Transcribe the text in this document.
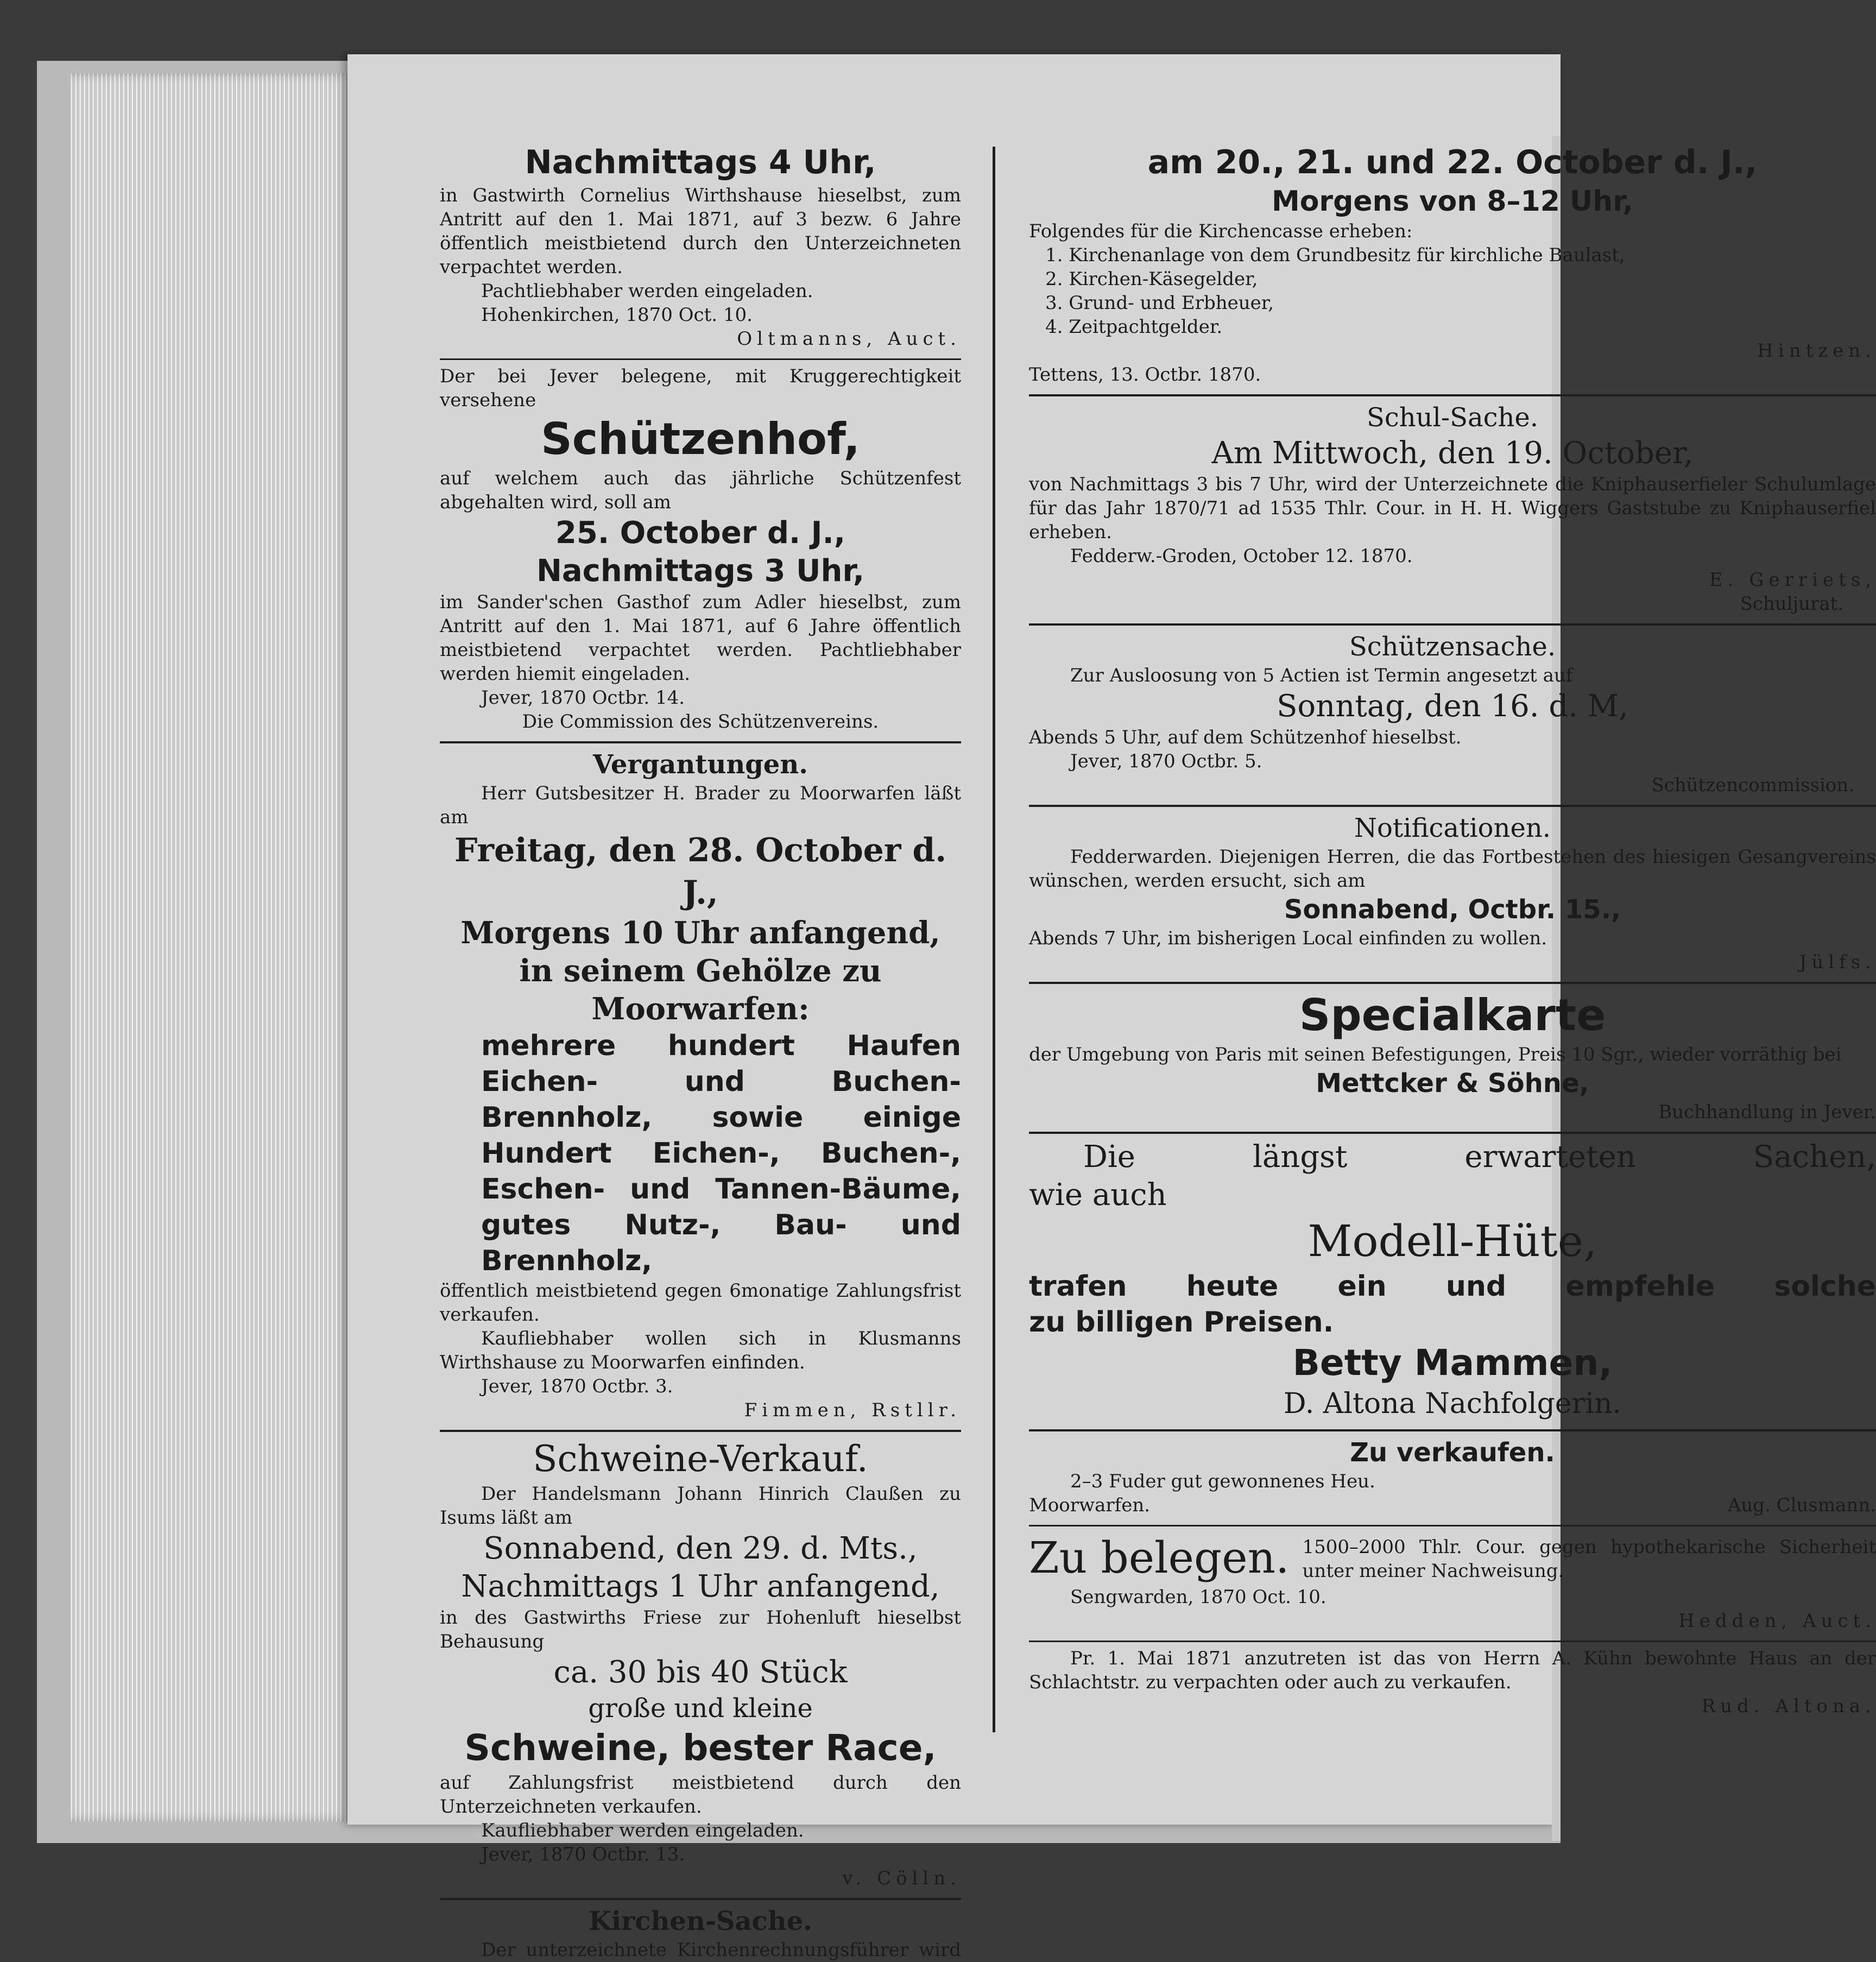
Nachmittags 4 Uhr,
in Gastwirth Cornelius Wirthshause hieselbst, zum Antritt auf den 1. Mai 1871, auf 3 bezw. 6 Jahre öffentlich meistbietend durch den Unterzeichneten verpachtet werden.
Pachtliebhaber werden eingeladen.
Hohenkirchen, 1870 Oct. 10.
Oltmanns, Auct.
Der bei Jever belegene, mit Kruggerechtigkeit versehene
Schützenhof,
auf welchem auch das jährliche Schützenfest abgehalten wird, soll am
25. October d. J.,
Nachmittags 3 Uhr,
im Sander'schen Gasthof zum Adler hieselbst, zum Antritt auf den 1. Mai 1871, auf 6 Jahre öffentlich meistbietend verpachtet werden. Pachtliebhaber werden hiemit eingeladen.
Jever, 1870 Octbr. 14.
Die Commission des Schützenvereins.
Vergantungen.
Herr Gutsbesitzer H. Brader zu Moorwarfen läßt am
Freitag, den 28. October d. J.,
Morgens 10 Uhr anfangend,
in seinem Gehölze zu Moorwarfen:
mehrere hundert Haufen Eichen- und Buchen-Brennholz, sowie einige Hundert Eichen-, Buchen-, Eschen- und Tannen-Bäume, gutes Nutz-, Bau- und Brennholz,
öffentlich meistbietend gegen 6monatige Zahlungsfrist verkaufen.
Kaufliebhaber wollen sich in Klusmanns Wirthshause zu Moorwarfen einfinden.
Jever, 1870 Octbr. 3.
Fimmen, Rstllr.
Schweine-Verkauf.
Der Handelsmann Johann Hinrich Claußen zu Isums läßt am
Sonnabend, den 29. d. Mts.,
Nachmittags 1 Uhr anfangend,
in des Gastwirths Friese zur Hohenluft hieselbst Behausung
ca. 30 bis 40 Stück
große und kleine
Schweine, bester Race,
auf Zahlungsfrist meistbietend durch den Unterzeichneten verkaufen.
Kaufliebhaber werden eingeladen.
Jever, 1870 Octbr. 13.
v. Cölln.
Kirchen-Sache.
Der unterzeichnete Kirchenrechnungsführer wird
am 20., 21. und 22. October d. J.,
Morgens von 8–12 Uhr,
Folgendes für die Kirchencasse erheben:
1. Kirchenanlage von dem Grundbesitz für kirchliche Baulast,
2. Kirchen-Käsegelder,
3. Grund- und Erbheuer,
4. Zeitpachtgelder.
Hintzen.
Tettens, 13. Octbr. 1870.
Schul-Sache.
Am Mittwoch, den 19. October,
von Nachmittags 3 bis 7 Uhr, wird der Unterzeichnete die Kniphauserfieler Schulumlage für das Jahr 1870/71 ad 1535 Thlr. Cour. in H. H. Wiggers Gaststube zu Kniphauserfiel erheben.
Fedderw.-Groden, October 12. 1870.
E. Gerriets,
Schuljurat.
Schützensache.
Zur Ausloosung von 5 Actien ist Termin angesetzt auf
Sonntag, den 16. d. M,
Abends 5 Uhr, auf dem Schützenhof hieselbst.
Jever, 1870 Octbr. 5.
Schützencommission.
Notificationen.
Fedderwarden. Diejenigen Herren, die das Fortbestehen des hiesigen Gesangvereins wünschen, werden ersucht, sich am
Sonnabend, Octbr. 15.,
Abends 7 Uhr, im bisherigen Local einfinden zu wollen.
Jülfs.
Specialkarte
der Umgebung von Paris mit seinen Befestigungen, Preis 10 Sgr., wieder vorräthig bei
Mettcker & Söhne,
Buchhandlung in Jever.
Die längst erwarteten Sachen,
wie auch
Modell-Hüte,
trafen heute ein und empfehle solche
zu billigen Preisen.
Betty Mammen,
D. Altona Nachfolgerin.
Zu verkaufen.
2–3 Fuder gut gewonnenes Heu.
Moorwarfen.	Aug. Clusmann.
Zu belegen. 1500–2000 Thlr. Cour. gegen hypothekarische Sicherheit unter meiner Nachweisung.
Sengwarden, 1870 Oct. 10.
Hedden, Auct.
Pr. 1. Mai 1871 anzutreten ist das von Herrn A. Kühn bewohnte Haus an der Schlachtstr. zu verpachten oder auch zu verkaufen.
Rud. Altona.
